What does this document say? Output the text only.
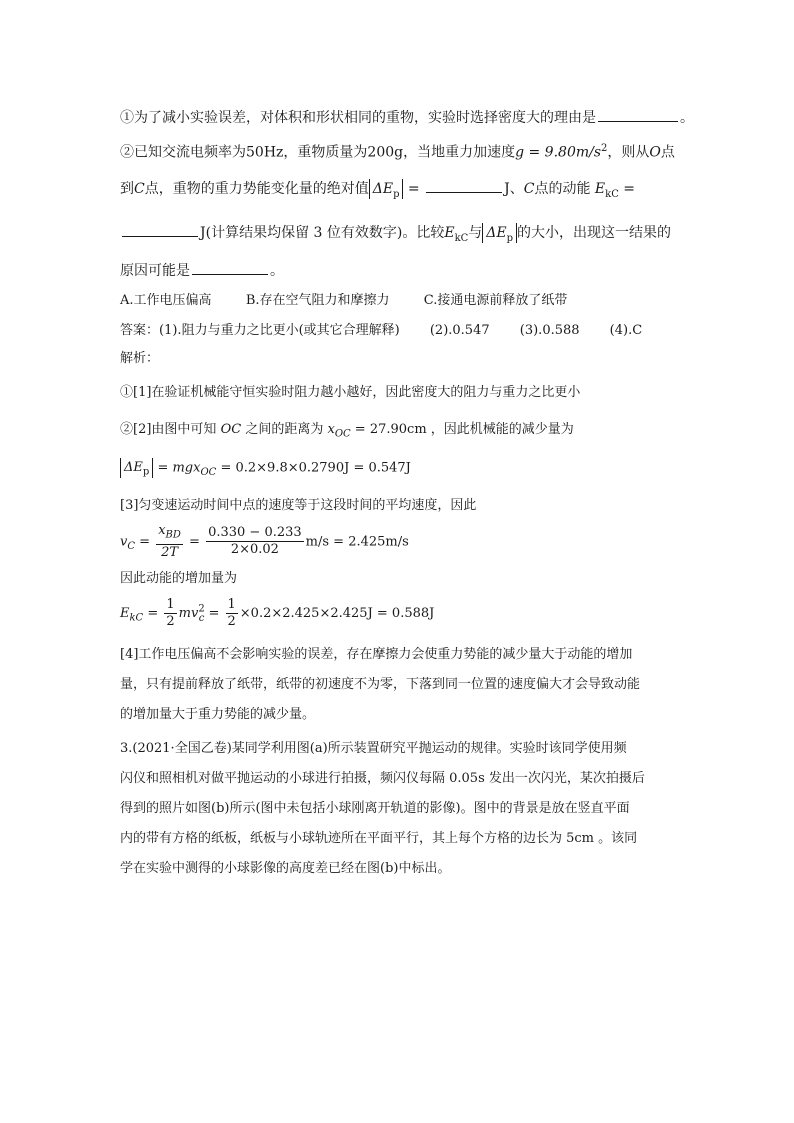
①为了减小实验误差，对体积和形状相同的重物，实验时选择密度大的理由是	。
②已知交流电频率为50Hz，重物质量为200g，当地重力加速度$g = 9.80m/s^2$，则从O点
到C点，重物的重力势能变化量的绝对值 $\Delta E_p$ =	J、C点的动能 $E_{kC}$ =
J(计算结果均保留 3 位有效数字)。比较$E_{kC}$与 $\Delta E_p$ 的大小，出现这一结果的
原因可能是	。
A.工作电压偏高	B.存在空气阻力和摩擦力	C.接通电源前释放了纸带
答案：(1).阻力与重力之比更小(或其它合理解释) (2).0.547 (3).0.588 (4).C
解析：
①[1]在验证机械能守恒实验时阻力越小越好，因此密度大的阻力与重力之比更小
②[2]由图中可知 OC 之间的距离为 $x_{OC} = 27.90cm$ ，因此机械能的减少量为
$\Delta E_p = mgx_{OC} = 0.2\times 9.8\times 0.2790J = 0.547J$
[3]匀变速运动时间中点的速度等于这段时间的平均速度，因此
$v_C = \frac{x_{BD}}{2T} = \frac{0.330 - 0.233}{2\times 0.02} m/s = 2.425m/s$
因此动能的增加量为
$E_{kC} = \frac{1}{2} mv^2_c = \frac{1}{2} \times 0.2\times 2.425\times 2.425J = 0.588J$
[4]工作电压偏高不会影响实验的误差，存在摩擦力会使重力势能的减少量大于动能的增加
量，只有提前释放了纸带，纸带的初速度不为零，下落到同一位置的速度偏大才会导致动能
的增加量大于重力势能的减少量。
3.(2021·全国乙卷)某同学利用图(a)所示装置研究平抛运动的规律。实验时该同学使用频
闪仪和照相机对做平抛运动的小球进行拍摄，频闪仪每隔 0.05s 发出一次闪光，某次拍摄后
得到的照片如图(b)所示(图中未包括小球刚离开轨道的影像)。图中的背景是放在竖直平面
内的带有方格的纸板，纸板与小球轨迹所在平面平行，其上每个方格的边长为 5cm 。该同
学在实验中测得的小球影像的高度差已经在图(b)中标出。
